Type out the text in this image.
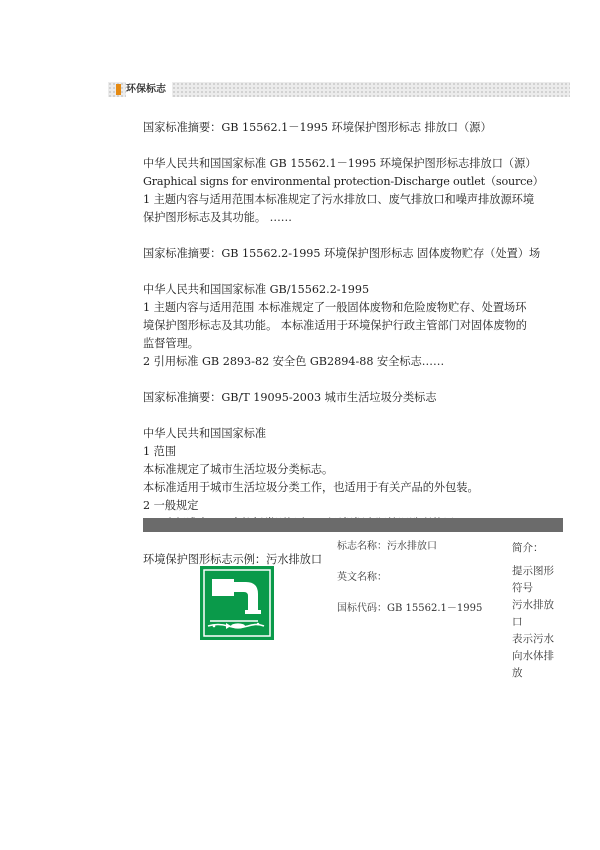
环保标志

国家标准摘要：GB 15562.1－1995 环境保护图形标志 排放口（源）

中华人民共和国国家标准 GB 15562.1－1995 环境保护图形标志排放口（源）

Graphical signs for environmental protection-Discharge outlet（source）

1 主题内容与适用范围本标准规定了污水排放口、废气排放口和噪声排放源环境

保护图形标志及其功能。 ……

国家标准摘要：GB 15562.2-1995 环境保护图形标志 固体废物贮存（处置）场

中华人民共和国国家标准 GB/15562.2-1995

1 主题内容与适用范围 本标准规定了一般固体废物和危险废物贮存、处置场环

境保护图形标志及其功能。 本标准适用于环境保护行政主管部门对固体废物的

监督管理。

2 引用标准 GB 2893-82 安全色 GB2894-88 安全标志……

国家标准摘要：GB/T 19095-2003 城市生活垃圾分类标志

中华人民共和国国家标准

1 范围

本标准规定了城市生活垃圾分类标志。

本标准适用于城市生活垃圾分类工作，也适用于有关产品的外包装。

2 一般规定

环境保护图形标志示例：污水排放口

标志名称：污水排放口

英文名称：

国标代码：GB 15562.1－1995

简介：

提示图形

符号

污水排放

口

表示污水

向水体排

放
